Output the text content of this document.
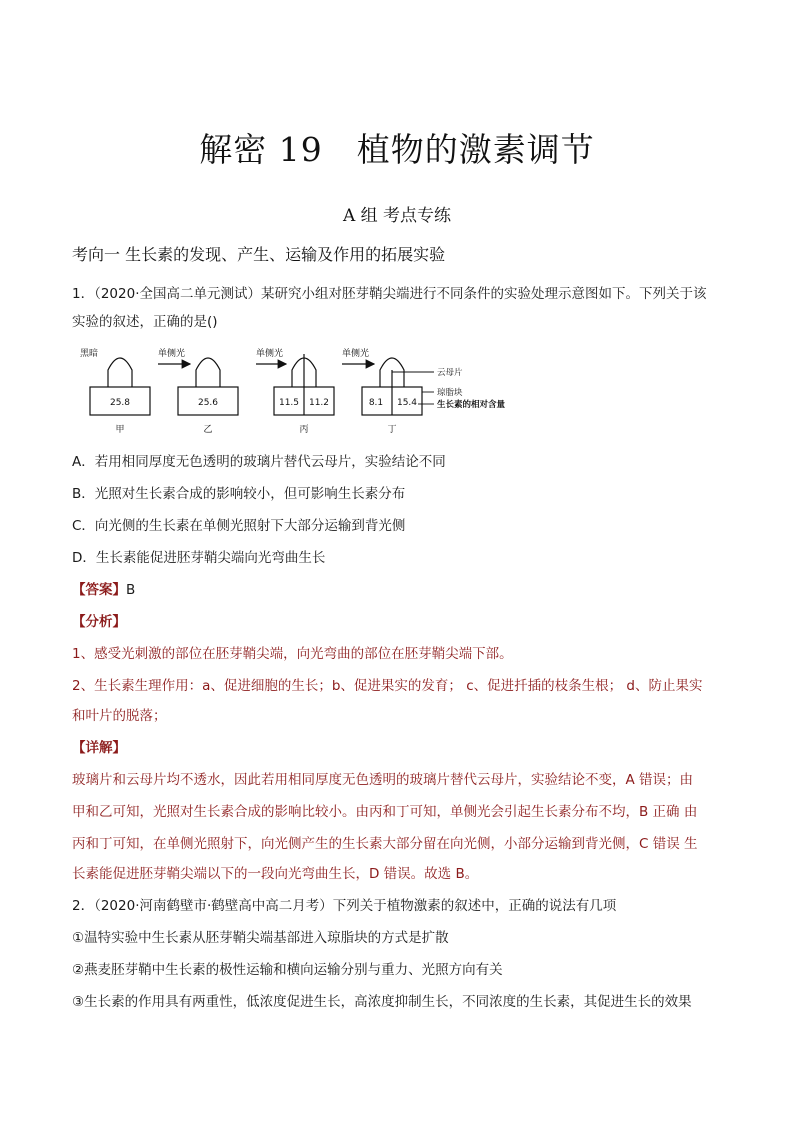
解密 19　植物的激素调节
A 组 考点专练
考向一 生长素的发现、产生、运输及作用的拓展实验
1．（2020·全国高二单元测试）某研究小组对胚芽鞘尖端进行不同条件的实验处理示意图如下。下列关于该
实验的叙述，正确的是()
黑暗
25.8
甲
单侧光
25.6
乙
单侧光
11.5 11.2
丙
单侧光
8.1 15.4
丁
云母片
琼脂块
生长素的相对含量
A．若用相同厚度无色透明的玻璃片替代云母片，实验结论不同
B．光照对生长素合成的影响较小，但可影响生长素分布
C．向光侧的生长素在单侧光照射下大部分运输到背光侧
D．生长素能促进胚芽鞘尖端向光弯曲生长
【答案】B
【分析】
1、感受光刺激的部位在胚芽鞘尖端，向光弯曲的部位在胚芽鞘尖端下部。
2、生长素生理作用：a、促进细胞的生长；b、促进果实的发育； c、促进扦插的枝条生根； d、防止果实
和叶片的脱落；
【详解】
玻璃片和云母片均不透水，因此若用相同厚度无色透明的玻璃片替代云母片，实验结论不变，A 错误；由
甲和乙可知，光照对生长素合成的影响比较小。由丙和丁可知，单侧光会引起生长素分布不均，B 正确 由
丙和丁可知，在单侧光照射下，向光侧产生的生长素大部分留在向光侧，小部分运输到背光侧，C 错误 生
长素能促进胚芽鞘尖端以下的一段向光弯曲生长，D 错误。故选 B。
2．（2020·河南鹤壁市·鹤壁高中高二月考）下列关于植物激素的叙述中，正确的说法有几项
①温特实验中生长素从胚芽鞘尖端基部进入琼脂块的方式是扩散
②燕麦胚芽鞘中生长素的极性运输和横向运输分别与重力、光照方向有关
③生长素的作用具有两重性，低浓度促进生长，高浓度抑制生长，不同浓度的生长素，其促进生长的效果
